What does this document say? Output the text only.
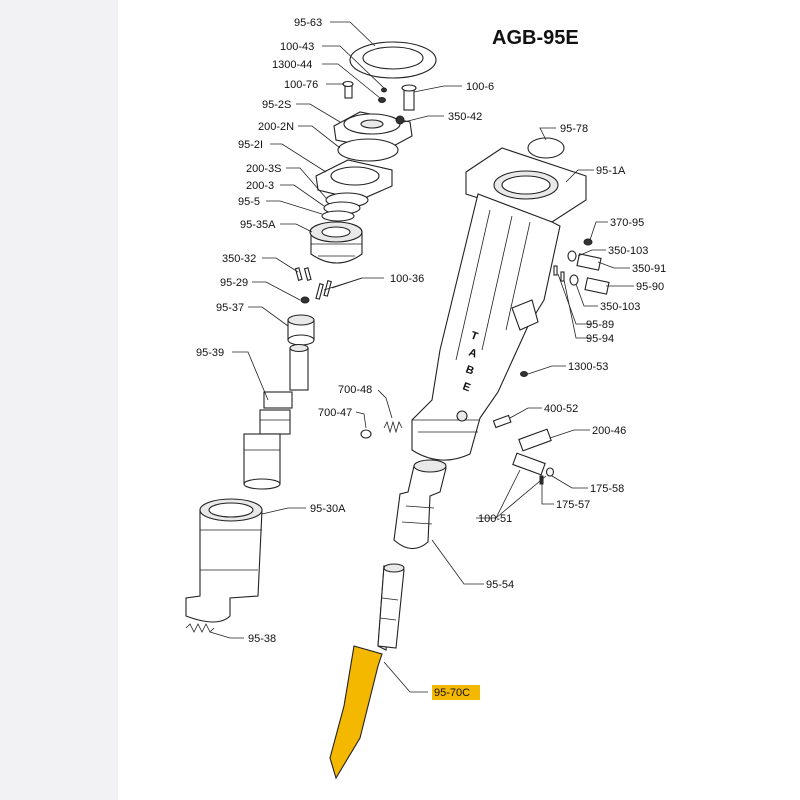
AGB-95E
T
A
B
E
95-63
100-43
1300-44
100-76	100-6
95-2S
350-42
200-2N
95-2I
200-3S
200-3
95-5
95-35A
350-32
95-29	100-36
95-37
95-39
95-30A
95-38
95-78
95-1A
370-95
350-103
350-91
95-90
350-103
95-89
95-94
1300-53
700-48
700-47	400-52
200-46
175-58
175-57
100-51
95-54
95-70C
